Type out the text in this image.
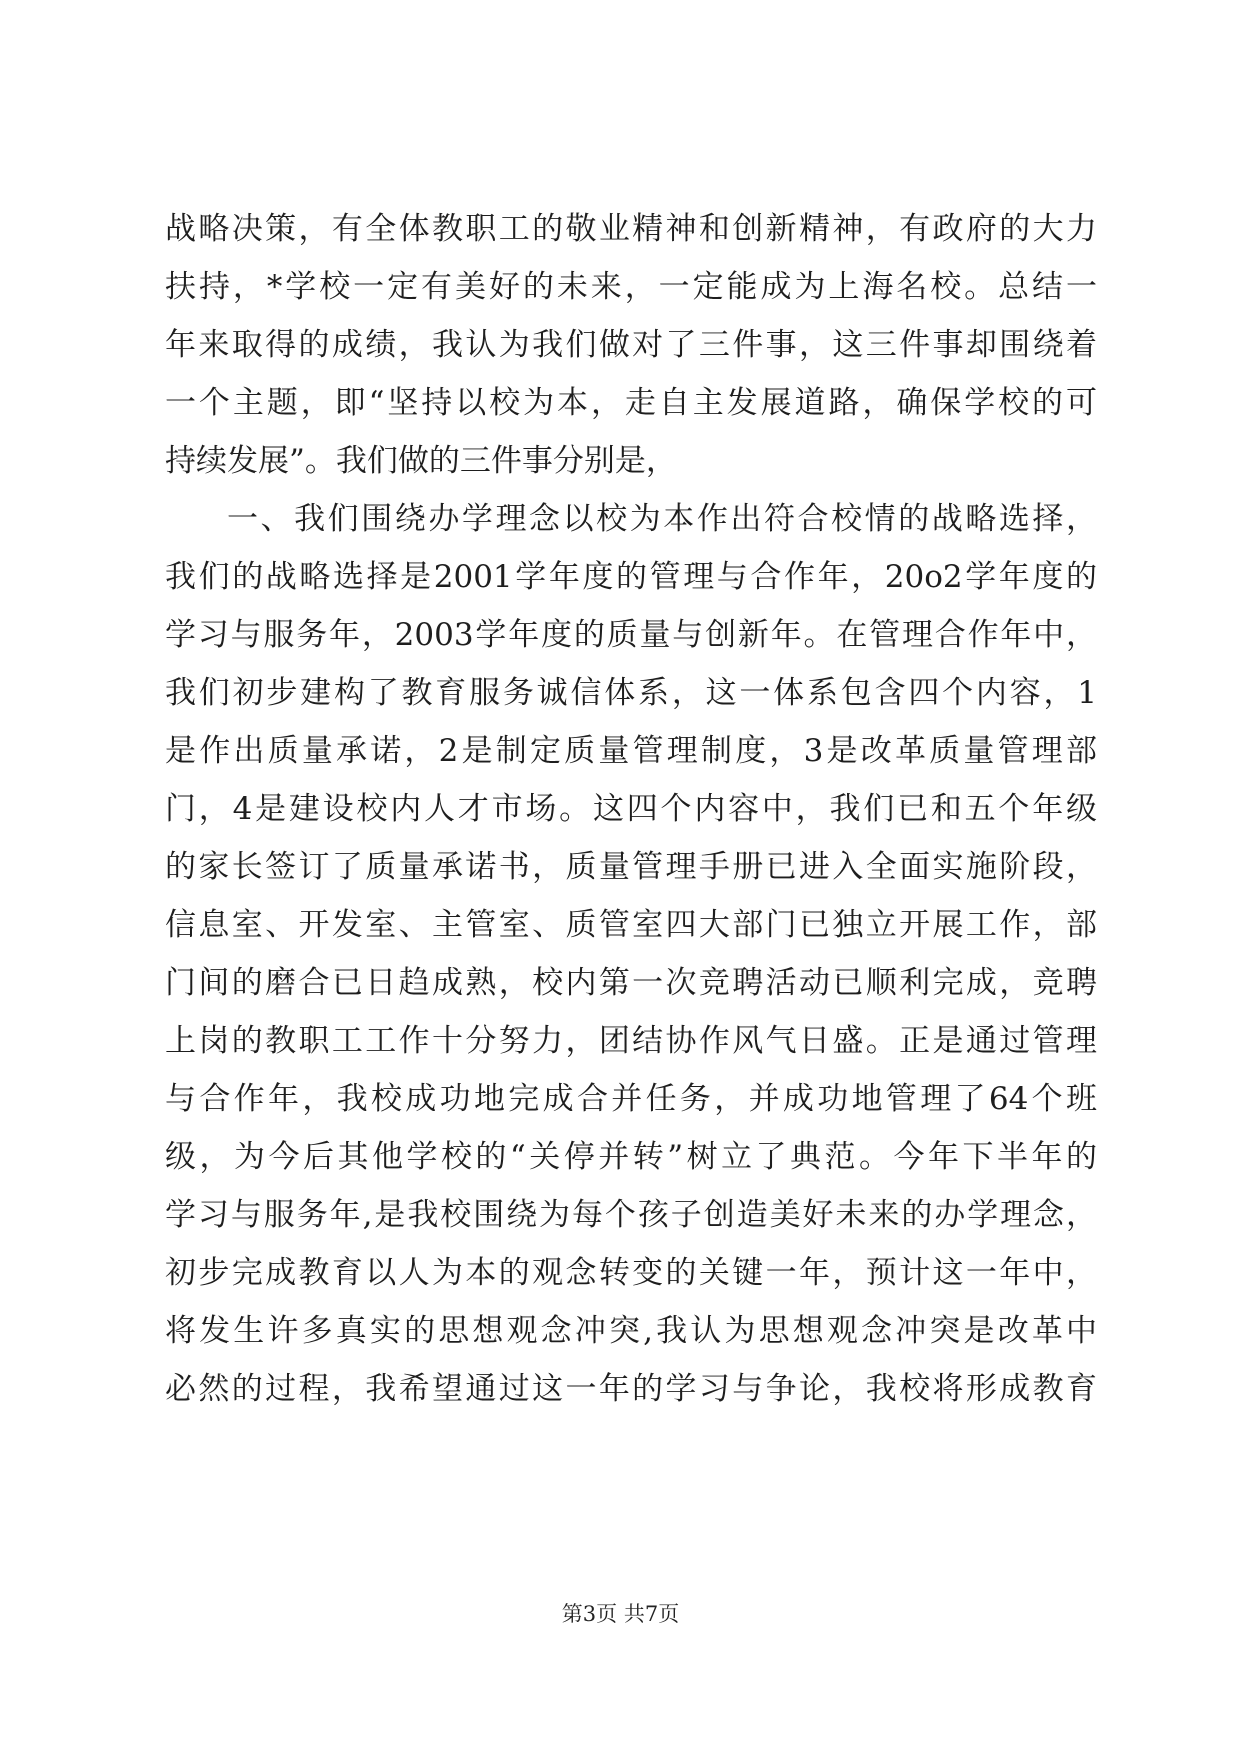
战略决策，有全体教职工的敬业精神和创新精神，有政府的大力
扶持，*学校一定有美好的未来，一定能成为上海名校。总结一
年来取得的成绩，我认为我们做对了三件事，这三件事却围绕着
一个主题，即“坚持以校为本，走自主发展道路，确保学校的可
持续发展”。我们做的三件事分别是，
一、我们围绕办学理念以校为本作出符合校情的战略选择，
我们的战略选择是2001学年度的管理与合作年，20o2学年度的
学习与服务年，2003学年度的质量与创新年。在管理合作年中，
我们初步建构了教育服务诚信体系，这一体系包含四个内容，1
是作出质量承诺，2是制定质量管理制度，3是改革质量管理部
门，4是建设校内人才市场。这四个内容中，我们已和五个年级
的家长签订了质量承诺书，质量管理手册已进入全面实施阶段，
信息室、开发室、主管室、质管室四大部门已独立开展工作，部
门间的磨合已日趋成熟，校内第一次竞聘活动已顺利完成，竞聘
上岗的教职工工作十分努力，团结协作风气日盛。正是通过管理
与合作年，我校成功地完成合并任务，并成功地管理了64个班
级，为今后其他学校的“关停并转”树立了典范。今年下半年的
学习与服务年,是我校围绕为每个孩子创造美好未来的办学理念，
初步完成教育以人为本的观念转变的关键一年，预计这一年中，
将发生许多真实的思想观念冲突,我认为思想观念冲突是改革中
必然的过程，我希望通过这一年的学习与争论，我校将形成教育
第3页 共7页
